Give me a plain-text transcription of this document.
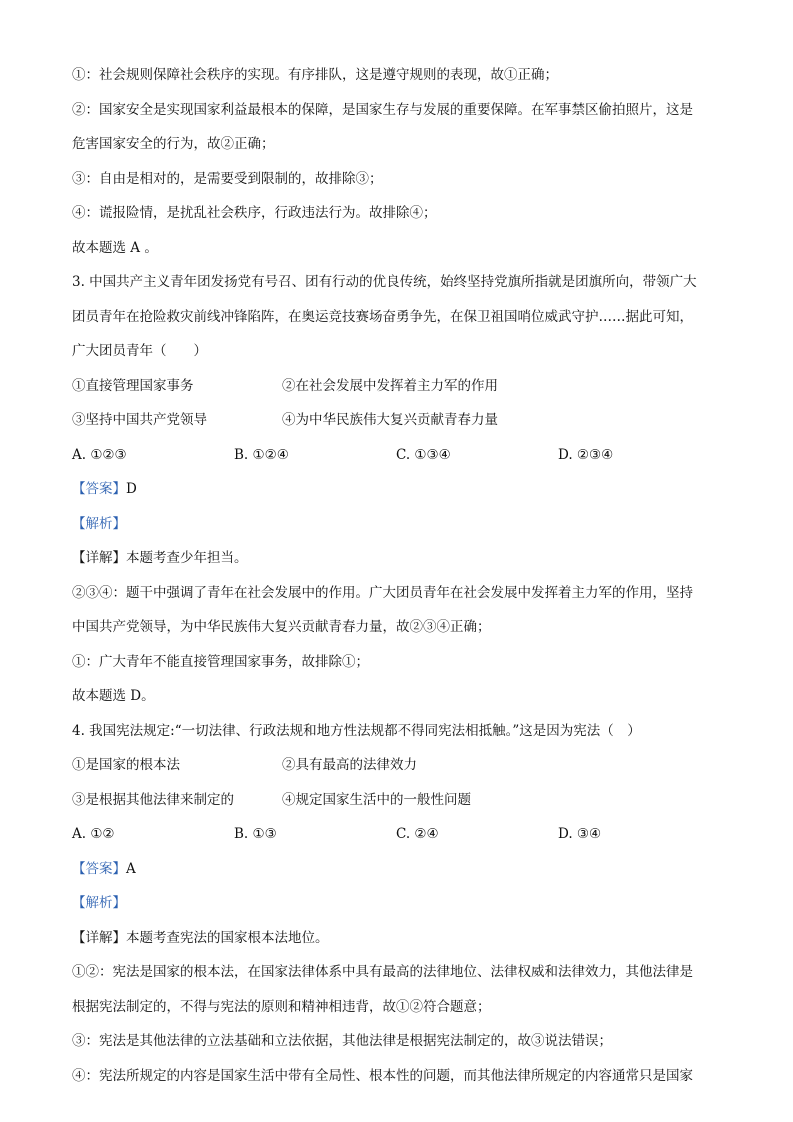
①：社会规则保障社会秩序的实现。有序排队，这是遵守规则的表现，故①正确；
②：国家安全是实现国家利益最根本的保障，是国家生存与发展的重要保障。在军事禁区偷拍照片，这是
危害国家安全的行为，故②正确；
③：自由是相对的，是需要受到限制的，故排除③；
④：谎报险情，是扰乱社会秩序，行政违法行为。故排除④；
故本题选 A 。
3. 中国共产主义青年团发扬党有号召、团有行动的优良传统，始终坚持党旗所指就是团旗所向，带领广大
团员青年在抢险救灾前线冲锋陷阵，在奥运竞技赛场奋勇争先，在保卫祖国哨位威武守护……据此可知，
广大团员青年（　　）
①直接管理国家事务	②在社会发展中发挥着主力军的作用
③坚持中国共产党领导	④为中华民族伟大复兴贡献青春力量
A. ①②③	B. ①②④	C. ①③④	D. ②③④
【答案】D
【解析】
【详解】本题考查少年担当。
②③④：题干中强调了青年在社会发展中的作用。广大团员青年在社会发展中发挥着主力军的作用，坚持
中国共产党领导，为中华民族伟大复兴贡献青春力量，故②③④正确；
①：广大青年不能直接管理国家事务，故排除①；
故本题选 D。
4. 我国宪法规定:“一切法律、行政法规和地方性法规都不得同宪法相抵触。”这是因为宪法（　）
①是国家的根本法	②具有最高的法律效力
③是根据其他法律来制定的	④规定国家生活中的一般性问题
A. ①②	B. ①③	C. ②④	D. ③④
【答案】A
【解析】
【详解】本题考查宪法的国家根本法地位。
①②：宪法是国家的根本法，在国家法律体系中具有最高的法律地位、法律权威和法律效力，其他法律是
根据宪法制定的，不得与宪法的原则和精神相违背，故①②符合题意；
③：宪法是其他法律的立法基础和立法依据，其他法律是根据宪法制定的，故③说法错误；
④：宪法所规定的内容是国家生活中带有全局性、根本性的问题，而其他法律所规定的内容通常只是国家
